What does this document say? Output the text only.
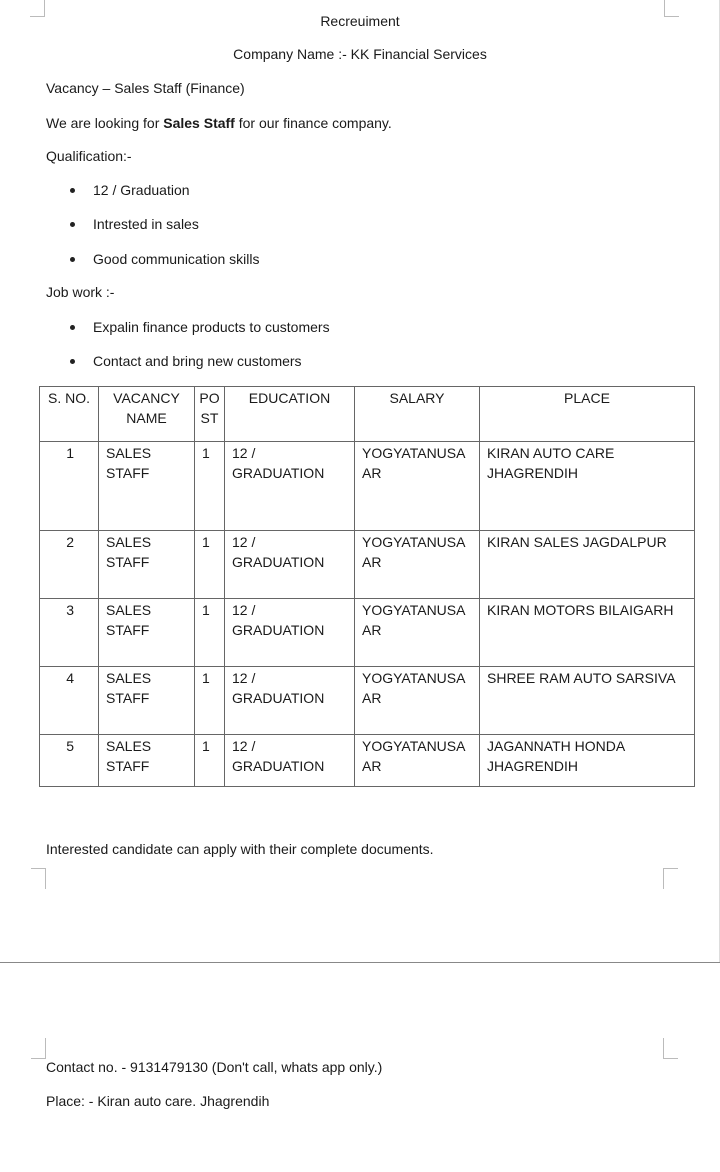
Recreuiment
Company Name :- KK Financial Services
Vacancy – Sales Staff (Finance)
We are looking for Sales Staff for our finance company.
Qualification:-
12 / Graduation
Intrested in sales
Good communication skills
Job work :-
Expalin finance products to customers
Contact and bring new customers
S. NO.	VACANCY NAME	PO ST	EDUCATION	SALARY	PLACE
1	SALES STAFF	1	12 / GRADUATION	YOGYATANUSA AR	KIRAN AUTO CARE JHAGRENDIH
2	SALES STAFF	1	12 / GRADUATION	YOGYATANUSA AR	KIRAN SALES JAGDALPUR
3	SALES STAFF	1	12 / GRADUATION	YOGYATANUSA AR	KIRAN MOTORS BILAIGARH
4	SALES STAFF	1	12 / GRADUATION	YOGYATANUSA AR	SHREE RAM AUTO SARSIVA
5	SALES STAFF	1	12 / GRADUATION	YOGYATANUSA AR	JAGANNATH HONDA JHAGRENDIH
Interested candidate can apply with their complete documents.
Contact no. - 9131479130 (Don't call, whats app only.)
Place: - Kiran auto care. Jhagrendih
